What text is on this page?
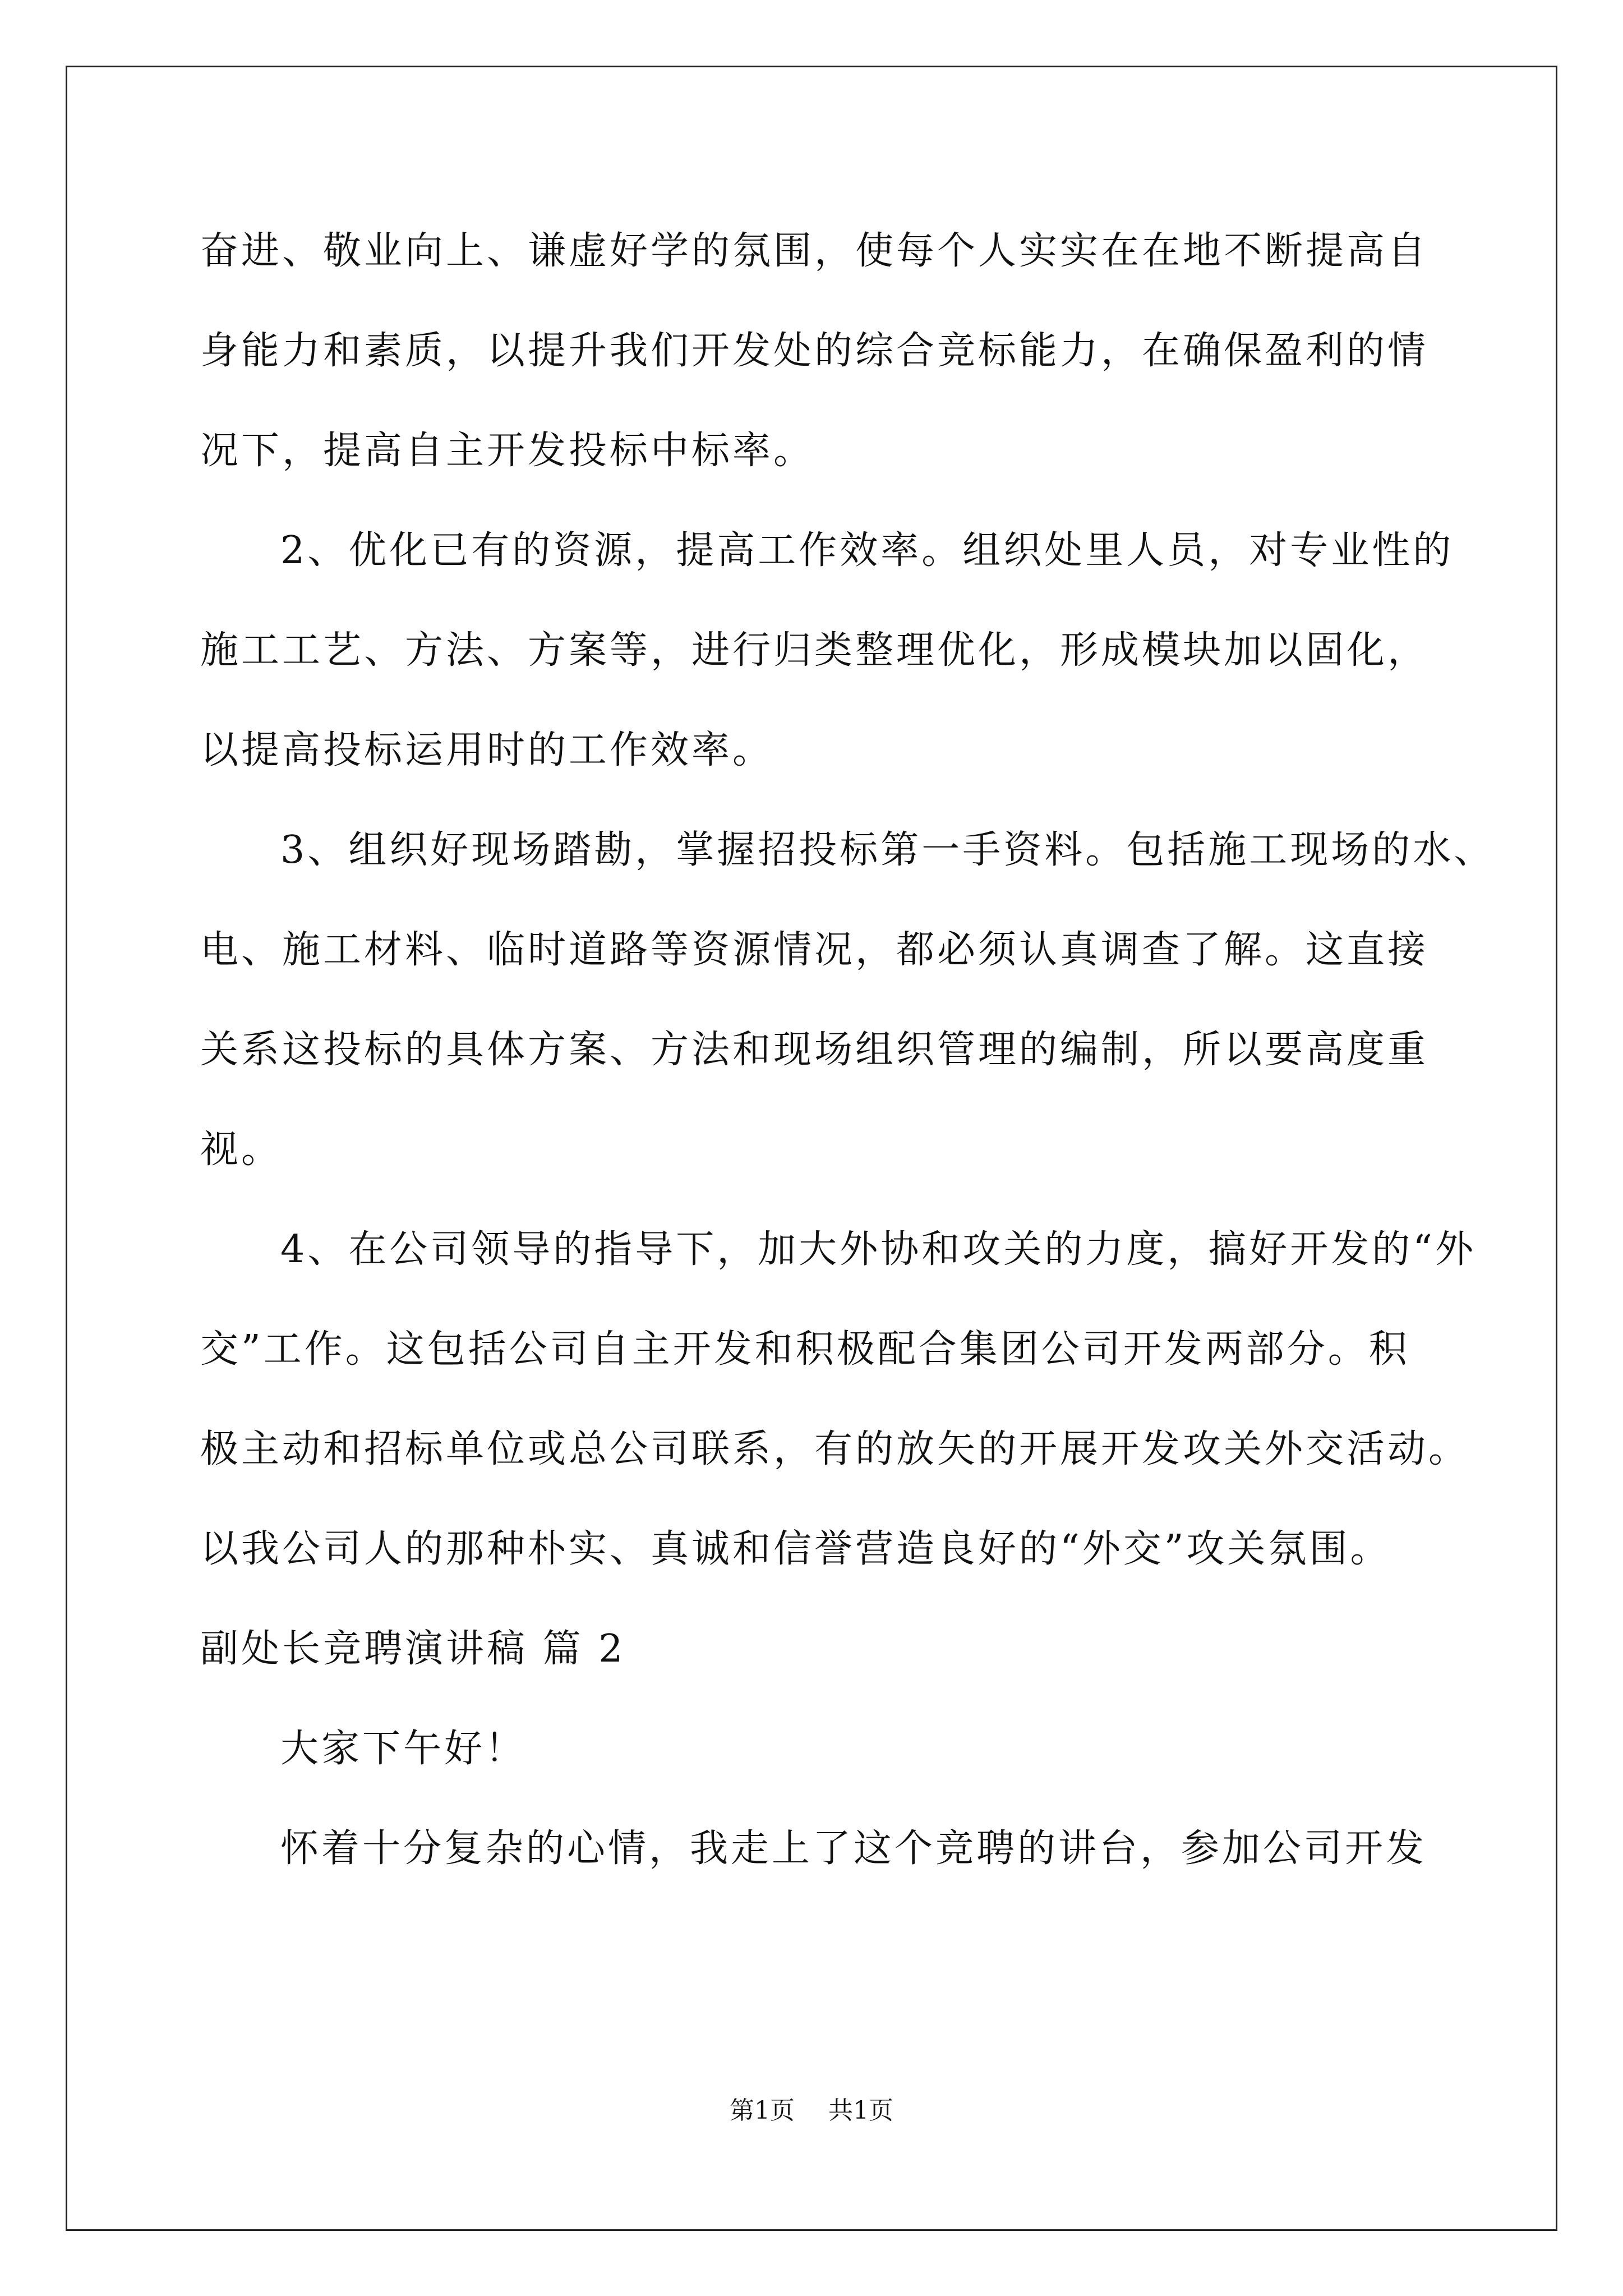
奋进、敬业向上、谦虚好学的氛围，使每个人实实在在地不断提高自
身能力和素质，以提升我们开发处的综合竞标能力，在确保盈利的情
况下，提高自主开发投标中标率。
2、优化已有的资源，提高工作效率。组织处里人员，对专业性的
施工工艺、方法、方案等，进行归类整理优化，形成模块加以固化，
以提高投标运用时的工作效率。
3、组织好现场踏勘，掌握招投标第一手资料。包括施工现场的水、
电、施工材料、临时道路等资源情况，都必须认真调查了解。这直接
关系这投标的具体方案、方法和现场组织管理的编制，所以要高度重
视。
4、在公司领导的指导下，加大外协和攻关的力度，搞好开发的“外
交”工作。这包括公司自主开发和积极配合集团公司开发两部分。积
极主动和招标单位或总公司联系，有的放矢的开展开发攻关外交活动。
以我公司人的那种朴实、真诚和信誉营造良好的“外交”攻关氛围。
副处长竞聘演讲稿 篇 2
大家下午好！
怀着十分复杂的心情，我走上了这个竞聘的讲台，参加公司开发
第1页 共1页
